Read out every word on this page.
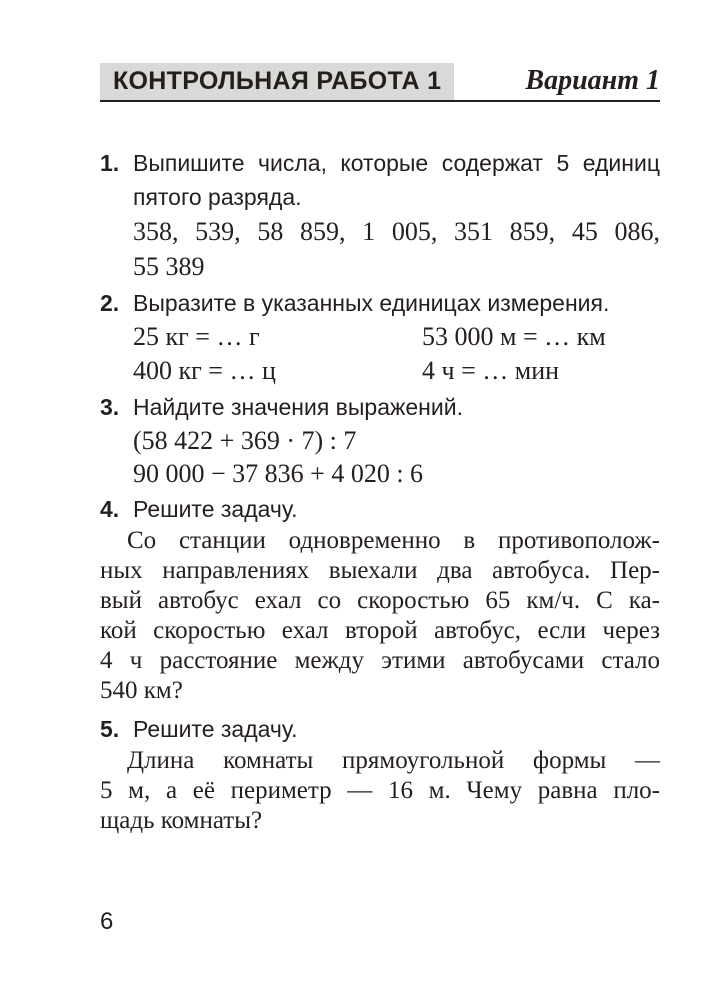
КОНТРОЛЬНАЯ РАБОТА 1	Вариант 1
1. Выпишите числа, которые содержат 5 единиц
пятого разряда.
358, 539, 58 859, 1 005, 351 859, 45 086,
55 389
2. Выразите в указанных единицах измерения.
25 кг = … г	53 000 м = … км
400 кг = … ц	4 ч = … мин
3. Найдите значения выражений.
(58 422 + 369 · 7) : 7
90 000 − 37 836 + 4 020 : 6
4. Решите задачу.
Со станции одновременно в противополож-
ных направлениях выехали два автобуса. Пер-
вый автобус ехал со скоростью 65 км/ч. С ка-
кой скоростью ехал второй автобус, если через
4 ч расстояние между этими автобусами стало
540 км?
5. Решите задачу.
Длина комнаты прямоугольной формы —
5 м, а её периметр — 16 м. Чему равна пло-
щадь комнаты?
6
